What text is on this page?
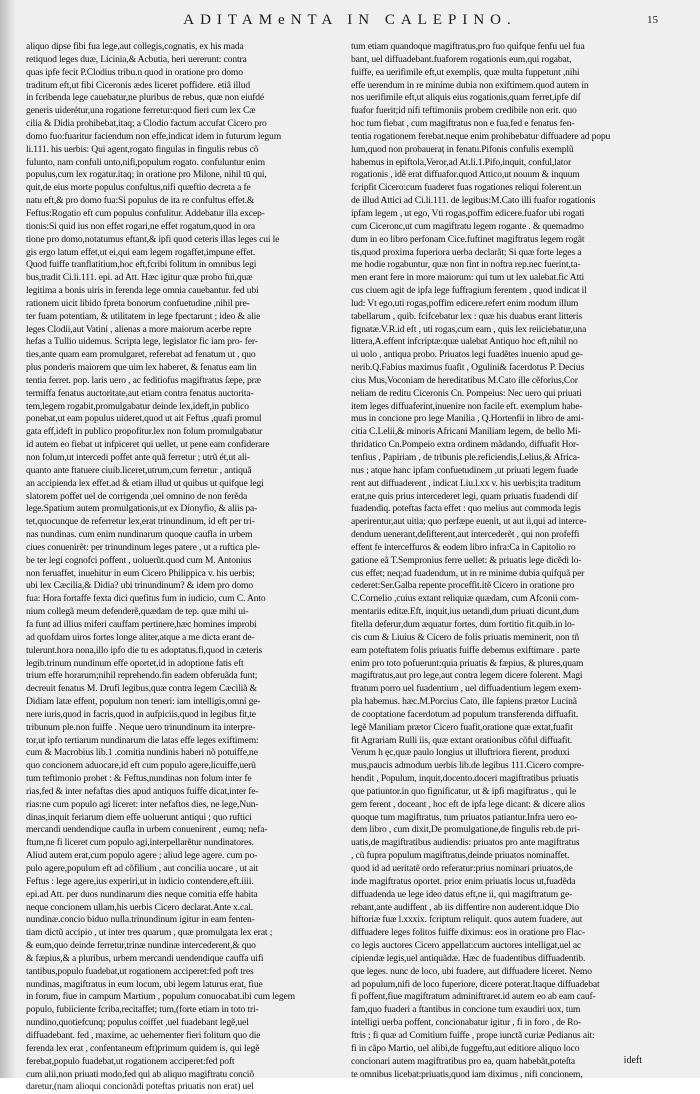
ADITAMeNTA IN CALEPINO.	15
aliquo dipse fibi fua lege,aut collegis,cognatis, ex his mada
retiquod leges duæ, Licinia,& Acbutia, heri uererunt: contra
quas ipfe fecit P.Clodius tribu.n quod in oratione pro domo
traditum eft,ut fibi Ciceronis ædes liceret poffidere. etiâ illud
in fcribenda lege cauebatur,ne pluribus de rebus, quæ non eiufdé
generis uiderétur,una rogatione ferretur:quod fieri cum lex Cæ
cilia & Didia prohibebat,itaq; a Clodio factum accufat Cicero pro
domo fuo:fuaritur faciendum non effe,indicat idem in futurum legum
li.111. his uerbis: Qui agent,rogato fingulas in fingulis rebus cõ
fulunto, nam confuli unto,nifi,populum rogato. confuluntur enim
populus,cum lex rogatur.itaq; in oratione pro Milone, nihil tū qui,
quit,de eius morte populus confultus,nifi quæftio decreta a fe
natu eft,& pro domo fua:Si populus de ita re confultus effet.&
Feftus:Rogatio eft cum populus confulitur. Addebatur illa excep-
tionis:Si quid ius non effet rogari,ne effet rogatum,quod in ora
tione pro domo,notatumus eftant,& ipfi quod ceteris illas leges cui le
gis ergo latum effet,ut ei,qui eam legem rogaffet,impune effet.
Quod fuiffe tranflatitium,hoc eft,fcribi folitum in omnibus legi
bus,tradit Ci.li.111. epi. ad Att. Hæc igitur quæ probo fui,quæ
legitima a bonis uiris in ferenda lege omnia cauebantur. fed ubi
rationem uicit libido fpreta bonorum confuetudine ,nihil pre-
ter fuam potentiam, & utilitatem in lege fpectarunt ; ideo & alie
leges Clodii,aut Vatini , alienas a more maiorum acerbe repre
hefas a Tullio uidemus. Scripta lege, legislator fic iam pro- fer-
ties,ante quam eam promulgaret, referebat ad fenatum ut , quo
plus ponderis maiorem que uim lex haberet, & fenatus eam lin
tentia ferret. pop. laris uero , ac feditiofus magiftratus ſæpe, præ
termiffa fenatus auctoritate,aut etiam contra fenatus auctorita-
tem,legem rogabit,promulgabatur deinde lex,ideft,in publico
ponebat,ut eam populus uideret,quod ut ait Feftus ,quafi promul
gata eff,ideft in publico propofitur.lex non folum promulgabatur
id autem eo fiebat ut infpiceret qui uellet, ut pene eam confiderare
non folum,ut intercedi poffet ante quã ferretur ; utrũ ét,ut ali-
quanto ante ftatuere ciuib.liceret,utrum,cum ferretur , antiquã
an accipienda lex effet.ad & etiam illud ut quibus ut quifque legi
slatorem poffet uel de corrigenda ,uel omnino de non ferẽda
lege.Spatium autem promulgationis,ut ex Dionyfio, & aliis pa-
tet,quocunque de referretur lex,erat trinundinum, id eft per tri-
nas nundinas. cum enim nundinarum quoque caufla in urbem
ciues conuenirẽt: per trinundinum leges patere , ut a ruftica ple-
be ter legi cognofci poffent , uoluerũt.quod cum M. Antonius
non feruaffet, inuehitur in eum Cicero Philippica v. his uerbis;
ubi lex Cæcilia,& Didia? ubi trinundinum? & idem pro domo
fua: Hora fortaffe fexta dici quefitus fum in iudicio, cum C. Anto
nium collegã meum defenderẽ,quædam de tep. quæ mihi ui-
fa funt ad illius miferi cauffam pertinere,hæc homines improbi
ad quofdam uiros fortes longe aliter,atque a me dicta erant de-
tulerunt.hora nona,illo ipfo die tu es adoptatus.fi,quod in cæteris
legib.trinum nundinum effe oportet,id in adoptione fatis eft
trium effe horarum;nihil reprehendo.fin eadem obferuãda funt;
decreuit fenatus M. Drufi legibus,quæ contra legem Cæciliã &
Didiam latæ effent, populum non teneri: iam intelligis,omni ge-
nere iuris,quod in facris,quod in aufpiciis,quod in legibus fit,te
tribunum ple.non fuiffe . Neque uero trinundinum ita interpre-
tor,ut ipfo tertiarum nundinarum die latas effe leges exiftimem:
cum & Macrobius lib.1 .comitia nundinis haberi nõ potuiffe,ne
quo concionem aduocare,id eft cum populo agere,licuiffe,uerũ
tum teftimonio probet : & Feftus,nundinas non folum inter fe
rias,fed & inter nefaftas dies apud antiquos fuiffe dicat,inter fe-
rias:ne cum populo agi liceret: inter nefaftos dies, ne lege,Nun-
dinas,inquit feriarum diem effe uoluerunt antiqui ; quo ruftici
mercandi uendendique caufla in urbem conuenirent , eumq; nefa-
ftum,ne fi liceret cum populo agi,interpellarẽtur nundinatores.
Aliud autem erat,cum populo agere ; aliud lege agere. cum po-
pulo agere,populum eft ad cõfilium , aut concilia uocare , ut ait
Feftus : lege agere,ius experiri,ut in iudicio contendere,eft.iiii.
epi.ad Att. per duos nundinarum dies neque comitia effe habita
neque concionem ullam,his uerbis Cicero declarat.Ante x.cal.
nundinæ.concio biduo nulla.trinundinum igitur in eam fenten-
tiam dictũ accipio , ut inter tres quarum , quæ promulgata lex erat ;
& eum,quo deinde ferretur,trinæ nundinæ intercederent,& quo
& fæpius,& a pluribus, urbem mercandi uendendique cauffa uifi
tantibus,populo fuadebat,ut rogationem acciperet:fed poft tres
nundinas, magiftratus in eum locum, ubi legem laturus erat, fiue
in forum, fiue in campum Martium , populum conuocabat.ibi cum legem
populo, fubiiciente fcriba,recitaffet; tum,(forte etiam in toto tri-
nundino,quotiefcunq; populus coiffet ,uel fuadebant legẽ,uel
diffuadebant. fed , maxime, ac uehementer fieri folitum quo die
ferenda lex erat , confentaneum eft)primum quidem is, qui legẽ
ferebat,populo fuadebat,ut rogationem acciperet:fed poft
cum alii,non priuati modo,fed qui ab aliquo magiftratu conciõ
daretur,(nam alioqui concionãdi poteftas priuatis non erat) uel
tum etiam quandoque magiftratus,pro fuo quifque fenfu uel fua
bant, uel diffuadebant.fuaforem rogationis eum,qui rogabat,
fuiffe, ea uerifimile eft,ut exemplis, quæ multa fuppetunt ,nihi
effe uerendum in re minime dubia non exiftimem.quod autem in
nos uerifimile eft,ut aliquis eius rogationis,quam ferret,ipfe diſ
fuafor fuerit;id nifi teftimoniis probem credibile non erit. quo
hoc tum fiebat , cum magiftratus non e fua,fed e fenatus fen-
tentia rogationem ferebat.neque enim prohibebatur diffuadere ad popu
lum,quod non probaueraț in fenatu.Pifonis confulis exemplũ
habemus in epiftola,Veror,ad At.li.1.Pifo,inquit, conful,lator
rogationis , idẽ erat diffuafor.quod Attico,ut nouum & inquum
fcripfit Cicero:cum fuaderet fuas rogationes reliqui folerent.un
de illud Attici ad Ci.li.111. de legibus:M.Cato illi fuafor rogationis
ipfam legem , ut ego, Vti rogas,poffim edicere.fuafor ubi rogati
cum Ciceronc,ut cum magiftratu legem rogante . & quemadmo
dum in eo libro perfonam Cice.fuftinet magiftratus legem rogãt
tis,quod proxima fuperiora uerba declarãt; Si quæ forte leges a
me hodie rogabuntur, quæ non fint in noftra rep.nec fuerint,ta-
men erant fere in more maiorum: qui tum ut lex ualebat.fic Atti
cus ciuem agit de ipfa lege fuffragium ferentem , quod indicat il
lud: Vt ego,uti rogas,poffim edicere.refert enim modum illum
tabellarum , quib. fcifcebatur lex : quæ his duabus erant litteris
fignatæ.V.R.id eft , uti rogas,cum eam , quis lex reiiciebatur,una
littera,A.effent infcriptæ:quæ ualebat Antiquo hoc eft,nihil no
ui uolo , antiqua probo. Priuatos legi fuadẽtes inuenio apud ge-
nerib.Q.Fabius maximus fuafit , Ogulini& facerdotus P. Decius
cius Mus,Voconiam de hereditatibus M.Cato ille cẽforius,Cor
neliam de reditu Ciceronis Cn. Pompeius: Nec uero qui priuati
item leges diffuaferint,inuenire non facile eft. exemplum habe-
mus in concione pro lege Manilia , Q.Hortenfii in libro de ami-
citia C.Lelii,& minoris Africani Maniliam legem, de bello Mi-
thridatico Cn.Pompeio extra ordinem mãdando, diffuafit Hor-
tenfius , Papiriam , de tribunis ple.reficiendis,Lelius,& Africa-
nus ; atque hanc ipfam confuetudinem ,ut priuati legem fuade
rent aut diffuaderent , indicat Liu.l.xx v. his uerbis;ita traditum
erat,ne quis prius intercederet legi, quam priuatis fuadendi diſ
fuadendiq. poteftas facta effet : quo melius aut commoda legis
aperirentur,aut uitia; quo perfæpe euenit, ut aut ii,qui ad interce-
dendum uenerant,deſifterent,aut intercederẽt , qui non profeffi
effent fe interceffuros & eodem libro infra:Ca in Capitolio ro
gatione eã T.Sempronius ferre uellet: & priuatis lege dicẽdi lo-
cus effet; neq;ad fuadendum, ut in re minime dubia quifquã per
cederet:Ser.Galba repente proceffit.itẽ Cicero in oratione pro
C.Cornelio ,cuius extant reliquiæ quædam, cum Afconii com-
mentariis editæ.Eft, inquit,ius uetandi,dum priuati dicunt,dum
fitella deferur,dum æquatur fortes, dum fortitio fit.quib.in lo-
cis cum & Liuius & Cicero de folis priuatis meminerit, non tñ
eam poteftatem folis priuatis fuiffe debemus exiftimare . parte
enim pro toto pofuerunt:quia priuatis & fæpius, & plures,quam
magiftratus,aut pro lege,aut contra legem dicere folerent. Magi
ftratum porro uel fuadentium , uel diffuadentium legem exem-
pla habemus. hæc.M.Porcius Cato, ille fapiens prætor Lucinã
de cooptatione facerdotum ad populum transferenda diffuafit.
legẽ Maniliam prætor Cicero fuafit,oratione quæ extat,fuafit
fit Agrariam Rulli iis, quæ extant orationibus cõful diffuafit.
Verum h ęc,quæ paulo longius ut illuftriora fierent, produxi
mus,paucis admodum uerbis lib.de legibus 111.Cicero compre-
hendit , Populum, inquit,docento.doceri magiftratibus priuatis
que patiuntor.in quo fignificatur, ut & ipfi magiftratus , qui le
gem ferent , doceant , hoc eft de ipfa lege dicant: & dicere alios
quoque tum magiftratus, tum priuatos patiantur.Infra uero eo-
dem libro , cum dixit,De promulgatione,de fingulis reb.de pri-
uatis,de magiftratibus audiendis: priuatos pro ante magiftratus
, cũ fupra populum magiftratus,deinde priuatos nominaffet.
quod id ad ueritatẽ ordo referatur:prius nominari priuatos,de
inde magiftratus oportet. prior enim priuatis locus ut,fuadẽda
diffuadenda ue lege ideo datus eft,ne ii, qui magiftratum ge-
rebant,ante audiffent , ab iis diffentire non auderent.idque Dio
hiftoriæ fuæ l.xxxix. fcriptum reliquit. quos autem fuadere, aut
diffuadere leges folitos fuiffe diximus: eos in oratione pro Flac-
co legis auctores Cicero appellat:cum auctores intelligat,uel ac
cipiendæ legis,uel antiquãdæ. Hæc de fuadentibus diffuadentib.
que leges. nunc de loco, ubi fuadere, aut diffuadere liceret. Nemo
ad populum,nifi de loco fuperiore, dicere poterat.Itaque diffuadebat
fi poffent,fiue magiftratum adminiftraret.id autem eo ab eam cauf-
fam,quo fuaderi a ftantibus in concione tum exaudiri uox, tum
intelligi uerba poffent, concionabatur igitur , fi in foro , de Ro-
ftris ; fi quæ ad Comitium fuiffe , prope iunctã curiæ Pedianus ait:
fi in cãpo Martio, uel alibi,de fuggeftu,aut editiore aliquo loco
concionari autem magiftratibus pro ea, quam habebãt,poteſta
te omnibus licebat:priuatis,quod iam diximus , nifi concionem,
ideft
